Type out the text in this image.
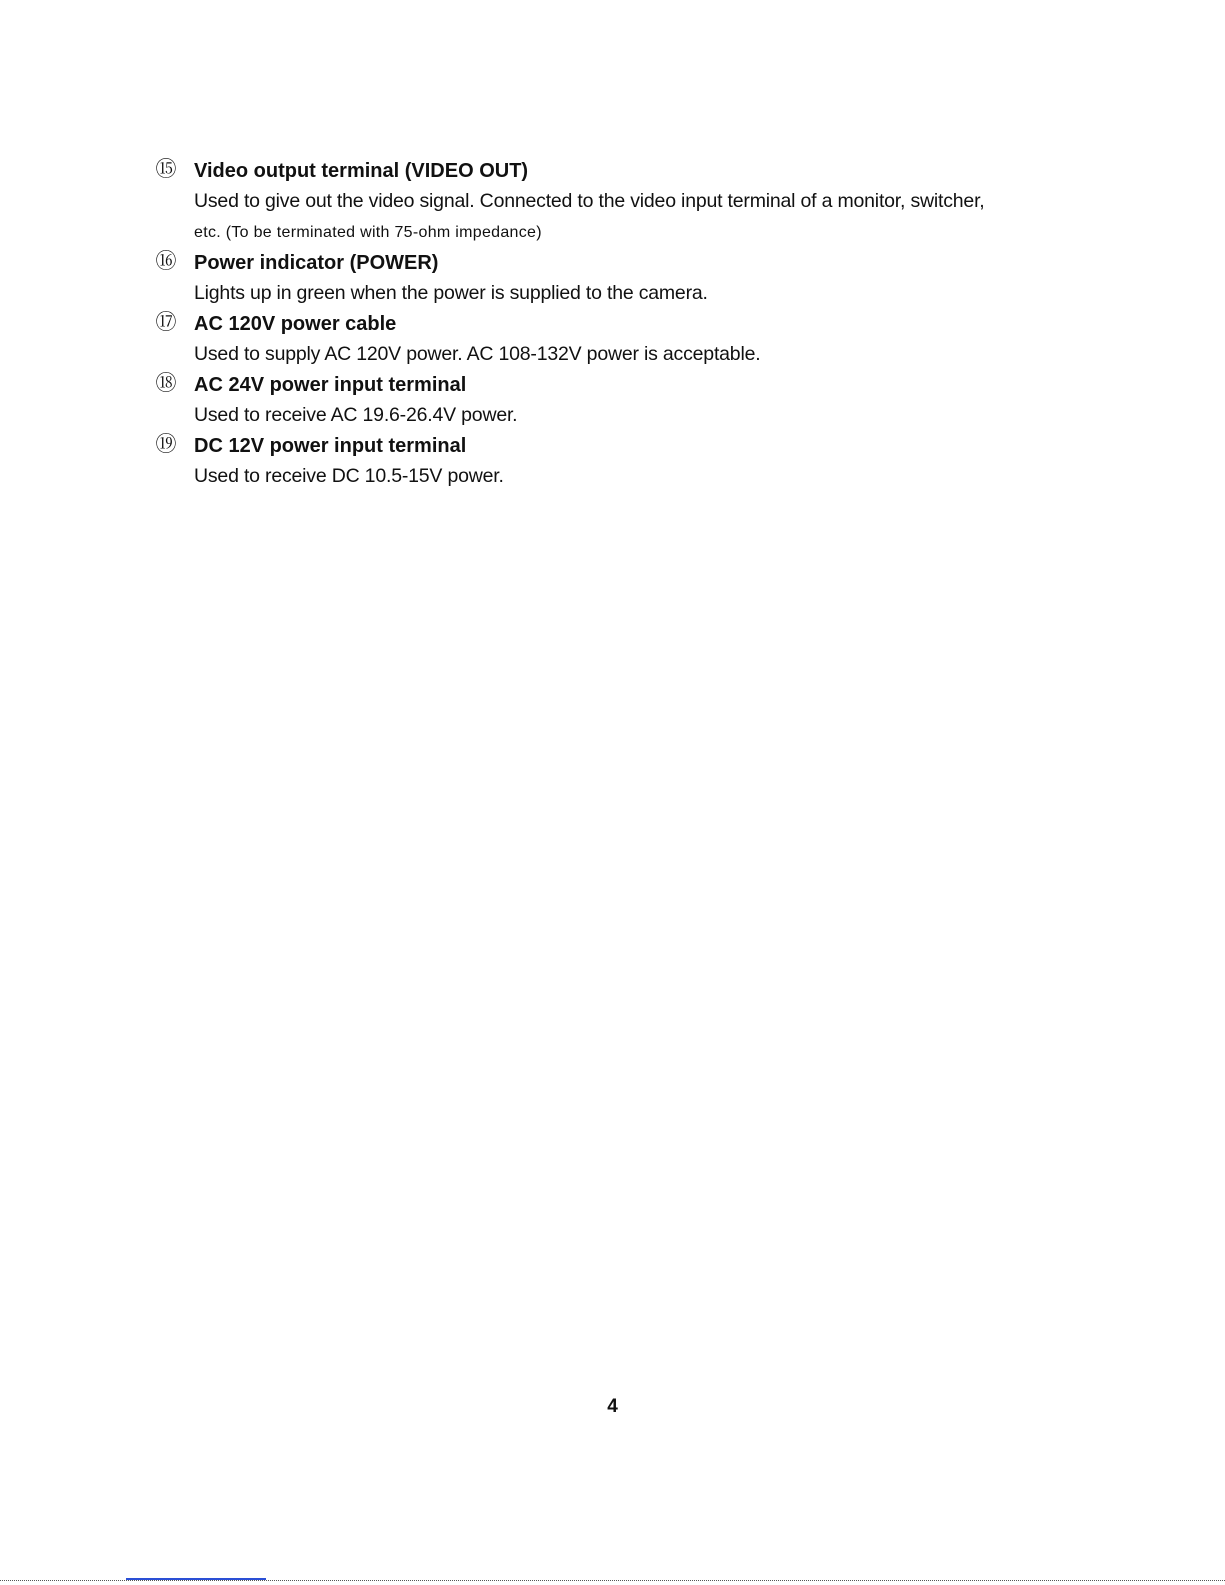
⑮ Video output terminal (VIDEO OUT)
Used to give out the video signal. Connected to the video input terminal of a monitor, switcher,
etc. (To be terminated with 75-ohm impedance)
⑯ Power indicator (POWER)
Lights up in green when the power is supplied to the camera.
⑰ AC 120V power cable
Used to supply AC 120V power. AC 108-132V power is acceptable.
⑱ AC 24V power input terminal
Used to receive AC 19.6-26.4V power.
⑲ DC 12V power input terminal
Used to receive DC 10.5-15V power.
4
